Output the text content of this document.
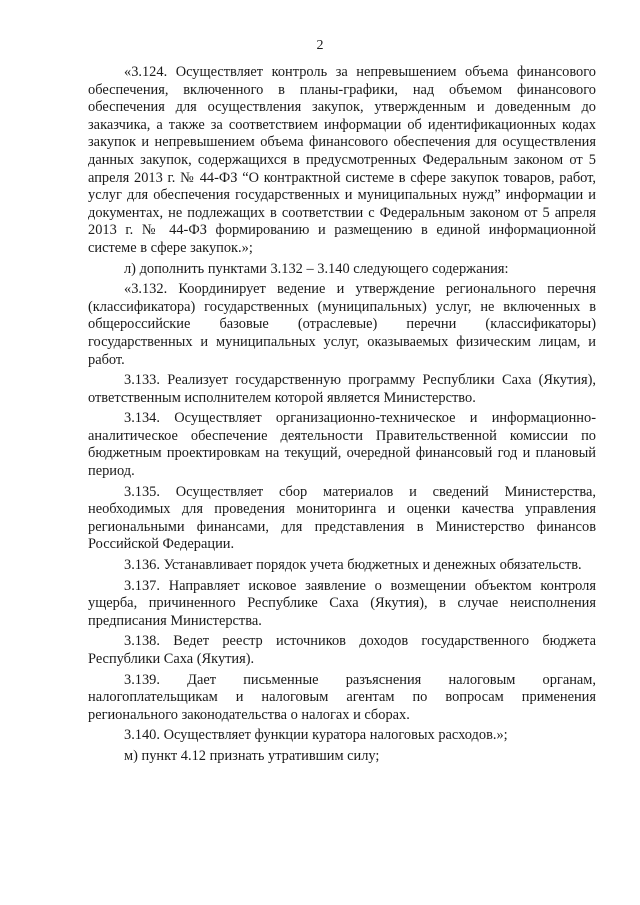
2

«3.124. Осуществляет контроль за непревышением объема финансового обеспечения, включенного в планы-графики, над объемом финансового обеспечения для осуществления закупок, утвержденным и доведенным до заказчика, а также за соответствием информации об идентификационных кодах закупок и непревышением объема финансового обеспечения для осуществления данных закупок, содержащихся в предусмотренных Федеральным законом от 5 апреля 2013 г. № 44-ФЗ “О контрактной системе в сфере закупок товаров, работ, услуг для обеспечения государственных и муниципальных нужд” информации и документах, не подлежащих в соответствии с Федеральным законом от 5 апреля 2013 г. № 44-ФЗ формированию и размещению в единой информационной системе в сфере закупок.»;

л) дополнить пунктами 3.132 – 3.140 следующего содержания:

«3.132. Координирует ведение и утверждение регионального перечня (классификатора) государственных (муниципальных) услуг, не включенных в общероссийские базовые (отраслевые) перечни (классификаторы) государственных и муниципальных услуг, оказываемых физическим лицам, и работ.

3.133. Реализует государственную программу Республики Саха (Якутия), ответственным исполнителем которой является Министерство.

3.134. Осуществляет организационно-техническое и информационно-аналитическое обеспечение деятельности Правительственной комиссии по бюджетным проектировкам на текущий, очередной финансовый год и плановый период.

3.135. Осуществляет сбор материалов и сведений Министерства, необходимых для проведения мониторинга и оценки качества управления региональными финансами, для представления в Министерство финансов Российской Федерации.

3.136. Устанавливает порядок учета бюджетных и денежных обязательств.

3.137. Направляет исковое заявление о возмещении объектом контроля ущерба, причиненного Республике Саха (Якутия), в случае неисполнения предписания Министерства.

3.138. Ведет реестр источников доходов государственного бюджета Республики Саха (Якутия).

3.139. Дает письменные разъяснения налоговым органам, налогоплательщикам и налоговым агентам по вопросам применения регионального законодательства о налогах и сборах.

3.140. Осуществляет функции куратора налоговых расходов.»;

м) пункт 4.12 признать утратившим силу;
